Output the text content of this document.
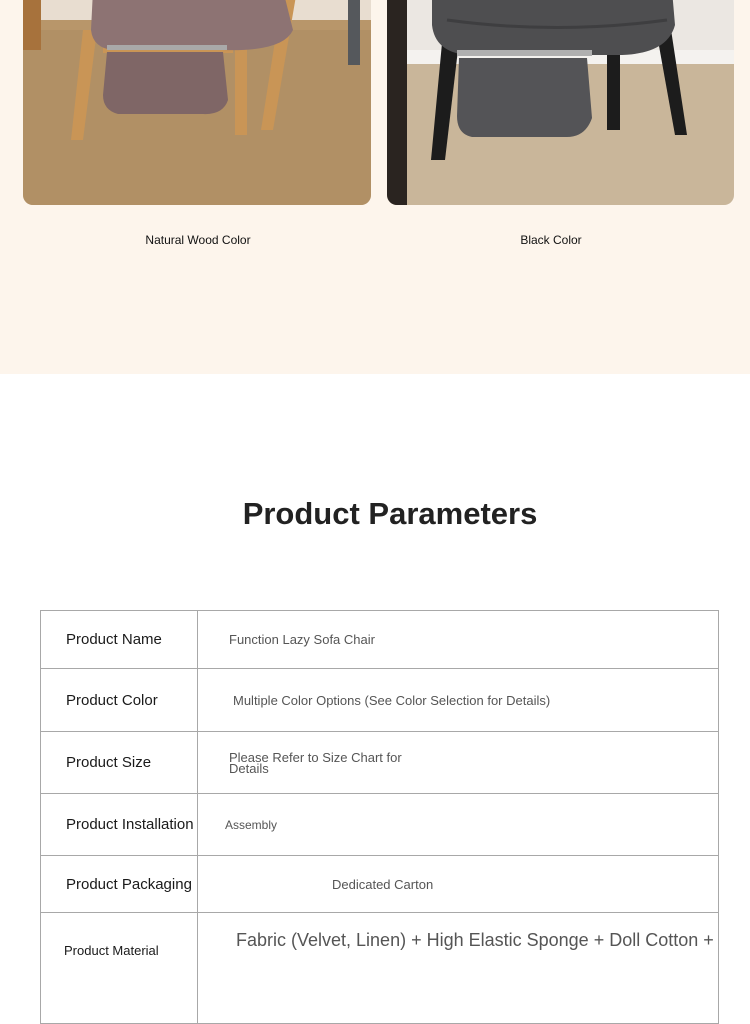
Natural Wood Color	Black Color
Product Parameters
Product Name	Function Lazy Sofa Chair
Product Color	Multiple Color Options (See Color Selection for Details)
Product Size	Please Refer to Size Chart for Details
Product Installation	Assembly
Product Packaging	Dedicated Carton
Product Material	Fabric (Velvet, Linen) + High Elastic Sponge + Doll Cotton +
